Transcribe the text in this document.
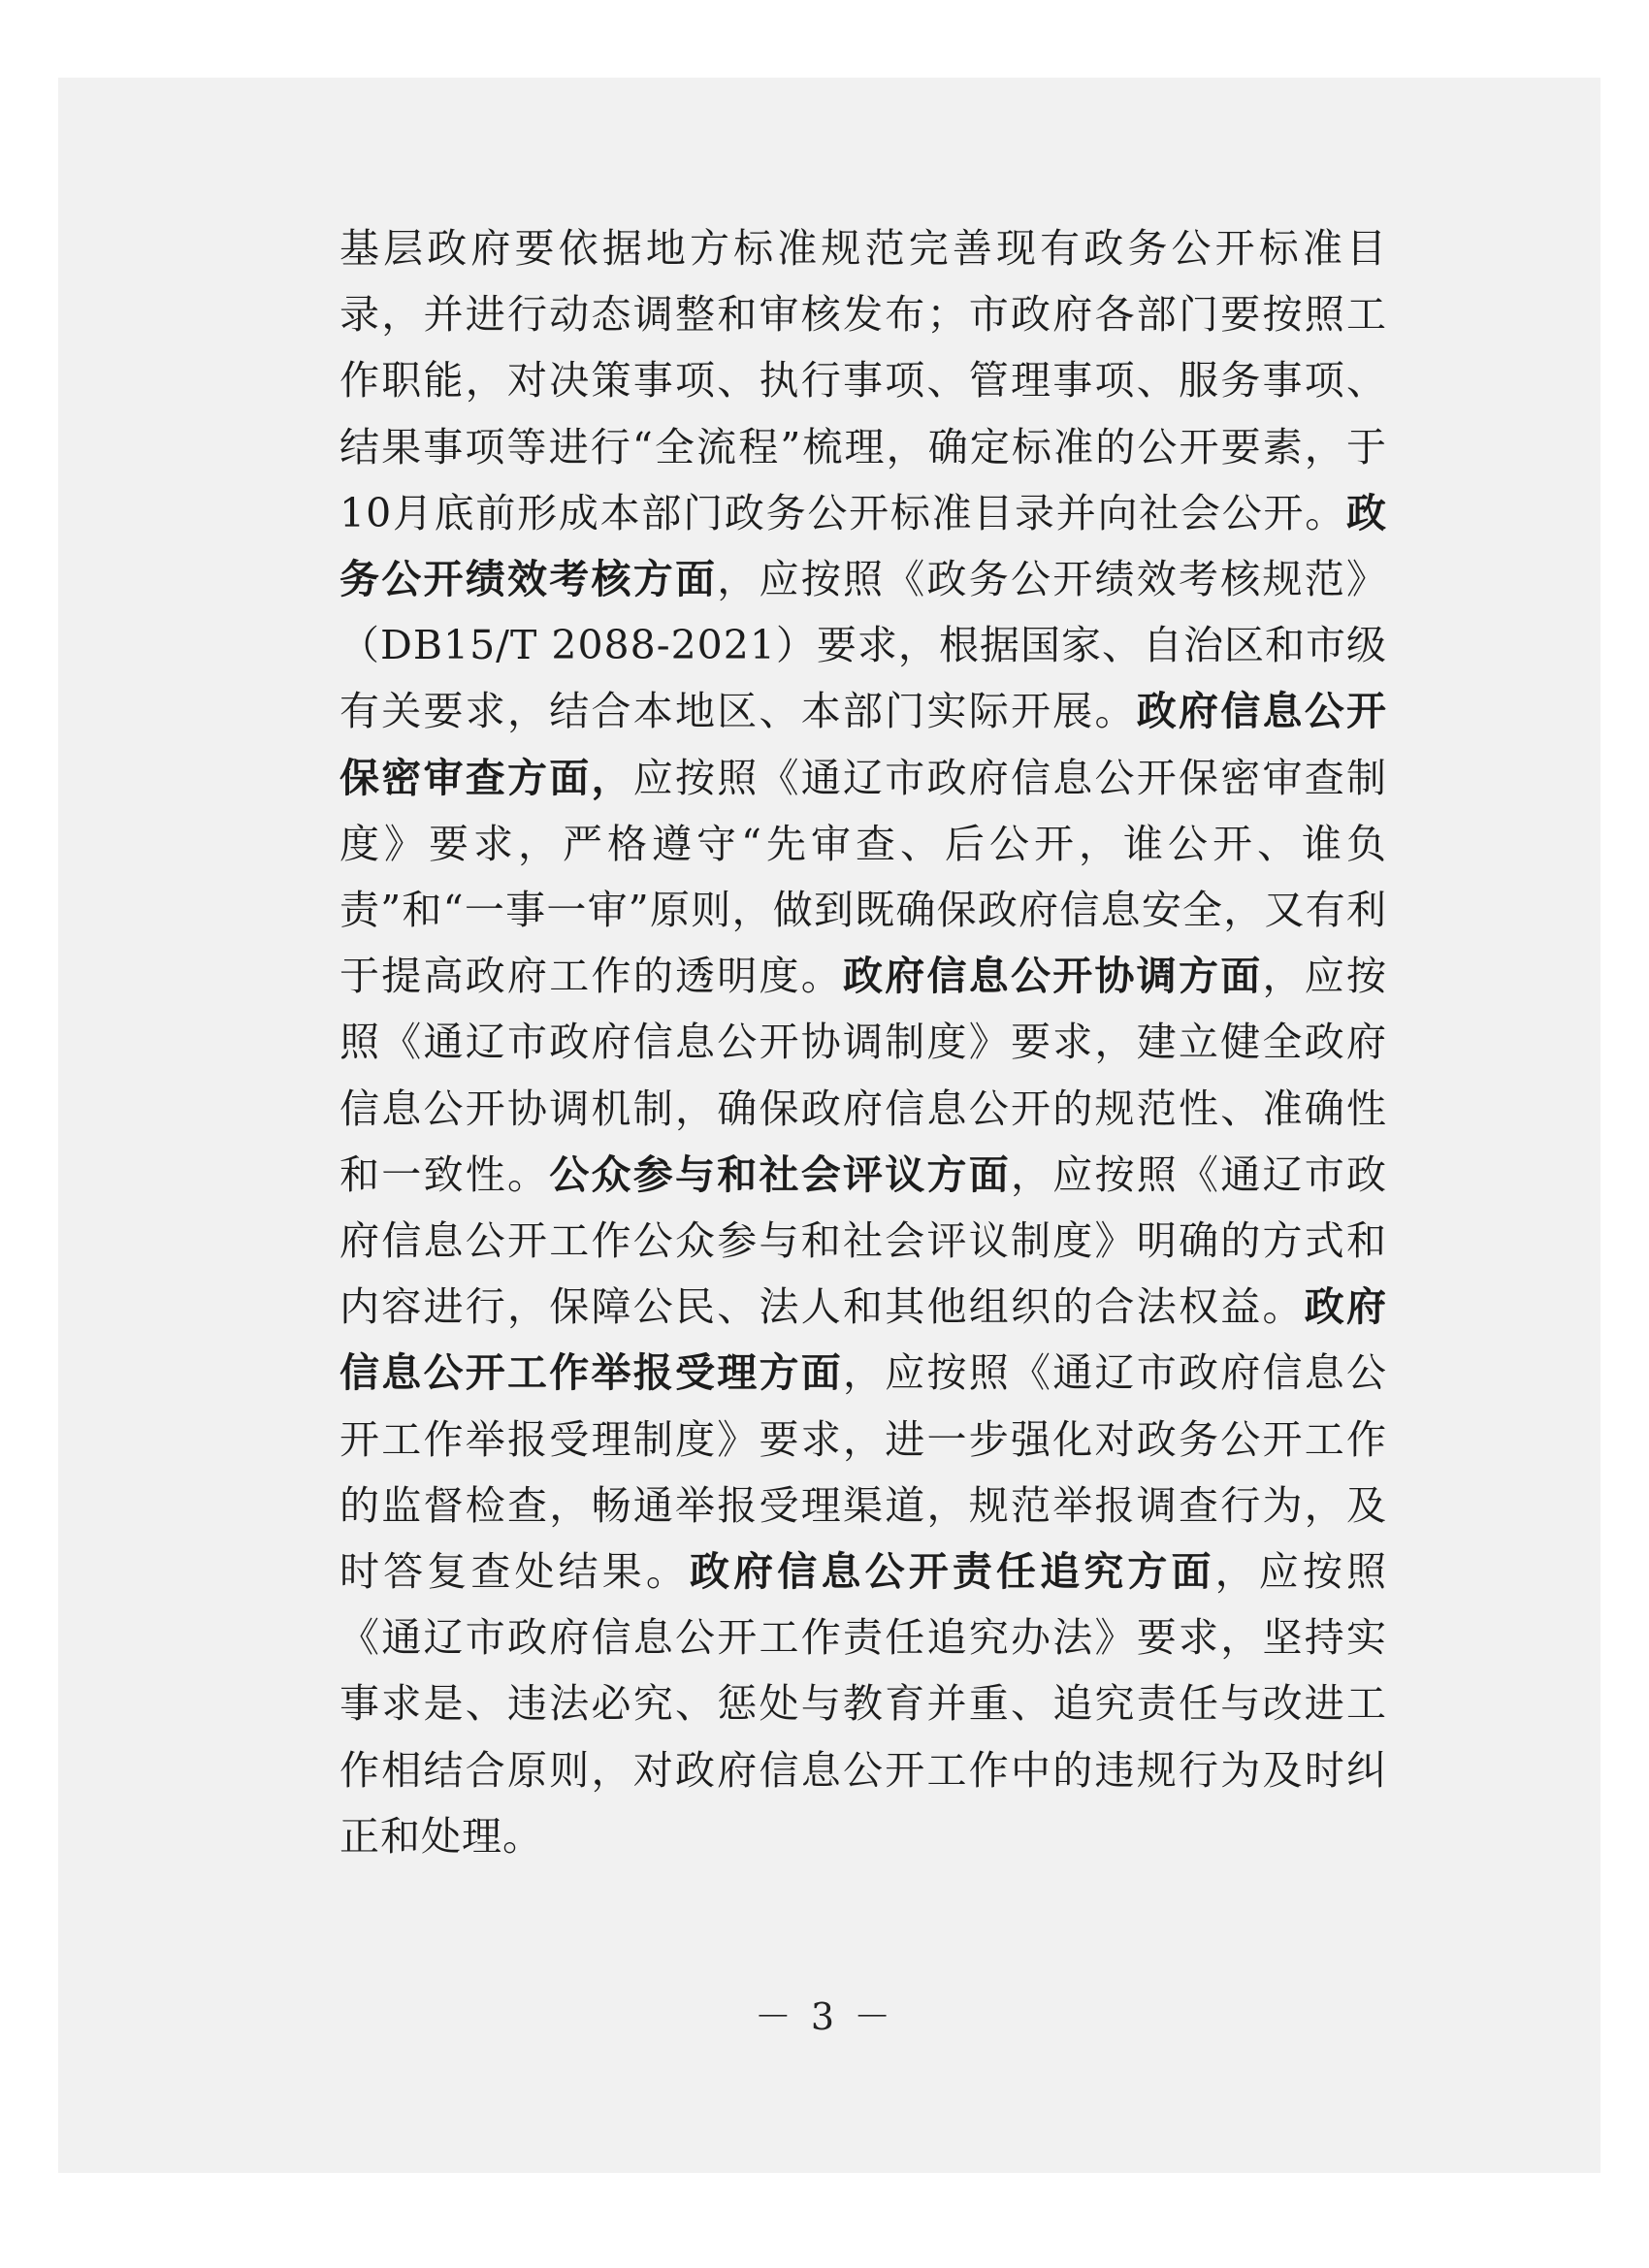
基层政府要依据地方标准规范完善现有政务公开标准目录，并进行动态调整和审核发布；市政府各部门要按照工作职能，对决策事项、执行事项、管理事项、服务事项、结果事项等进行“全流程”梳理，确定标准的公开要素，于10月底前形成本部门政务公开标准目录并向社会公开。政务公开绩效考核方面，应按照《政务公开绩效考核规范》（DB15/T 2088-2021）要求，根据国家、自治区和市级有关要求，结合本地区、本部门实际开展。政府信息公开保密审查方面，应按照《通辽市政府信息公开保密审查制度》要求，严格遵守“先审查、后公开，谁公开、谁负责”和“一事一审”原则，做到既确保政府信息安全，又有利于提高政府工作的透明度。政府信息公开协调方面，应按照《通辽市政府信息公开协调制度》要求，建立健全政府信息公开协调机制，确保政府信息公开的规范性、准确性和一致性。公众参与和社会评议方面，应按照《通辽市政府信息公开工作公众参与和社会评议制度》明确的方式和内容进行，保障公民、法人和其他组织的合法权益。政府信息公开工作举报受理方面，应按照《通辽市政府信息公开工作举报受理制度》要求，进一步强化对政务公开工作的监督检查，畅通举报受理渠道，规范举报调查行为，及时答复查处结果。政府信息公开责任追究方面，应按照《通辽市政府信息公开工作责任追究办法》要求，坚持实事求是、违法必究、惩处与教育并重、追究责任与改进工作相结合原则，对政府信息公开工作中的违规行为及时纠正和处理。

－ 3 －
